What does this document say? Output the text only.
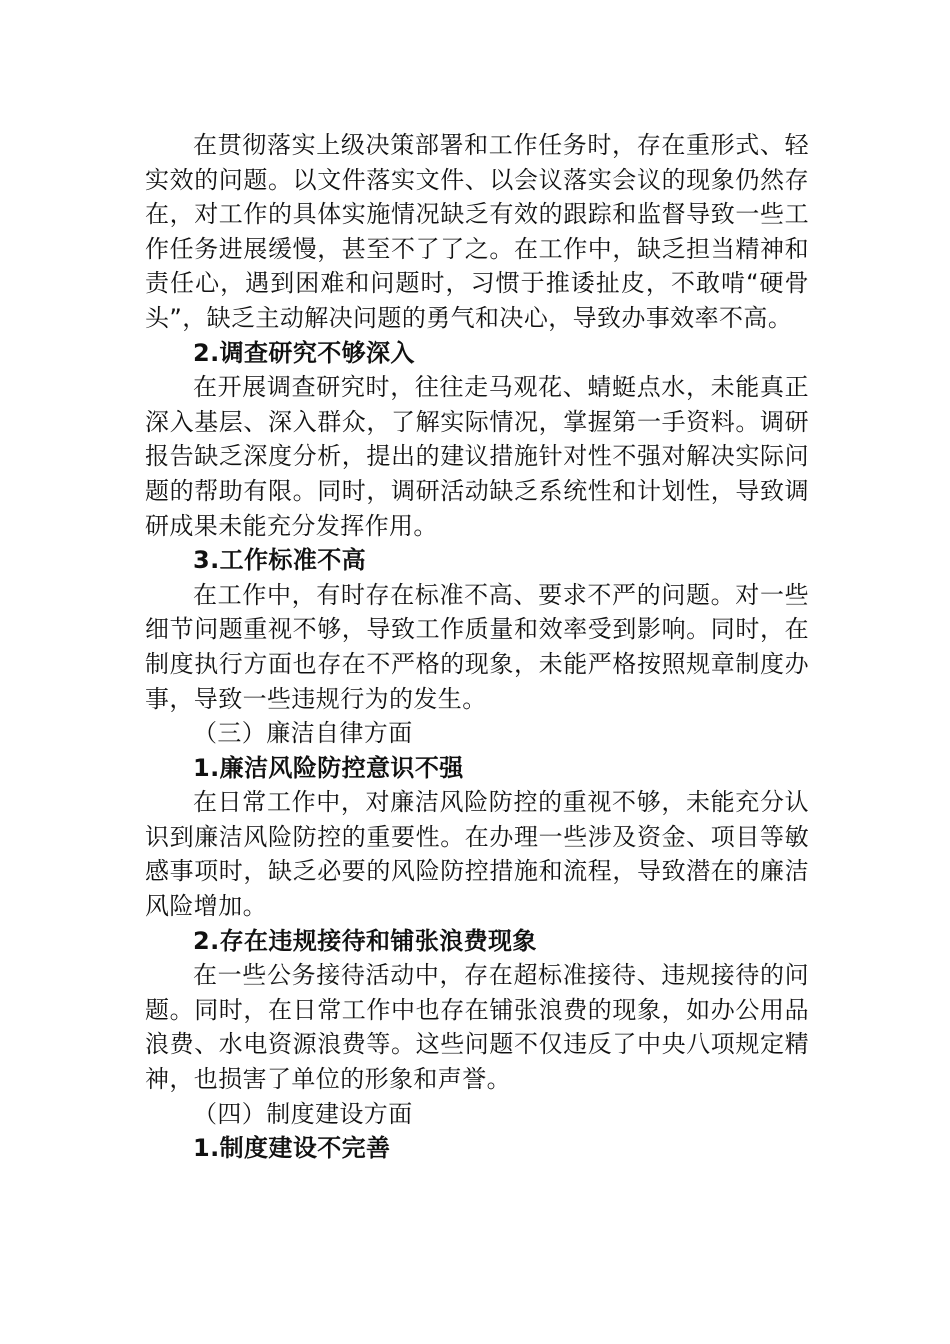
在贯彻落实上级决策部署和工作任务时，存在重形式、轻实效的问题。以文件落实文件、以会议落实会议的现象仍然存在，对工作的具体实施情况缺乏有效的跟踪和监督导致一些工作任务进展缓慢，甚至不了了之。在工作中，缺乏担当精神和责任心，遇到困难和问题时，习惯于推诿扯皮，不敢啃“硬骨头”，缺乏主动解决问题的勇气和决心，导致办事效率不高。

2.调查研究不够深入

在开展调查研究时，往往走马观花、蜻蜓点水，未能真正深入基层、深入群众，了解实际情况，掌握第一手资料。调研报告缺乏深度分析，提出的建议措施针对性不强对解决实际问题的帮助有限。同时，调研活动缺乏系统性和计划性，导致调研成果未能充分发挥作用。

3.工作标准不高

在工作中，有时存在标准不高、要求不严的问题。对一些细节问题重视不够，导致工作质量和效率受到影响。同时，在制度执行方面也存在不严格的现象，未能严格按照规章制度办事，导致一些违规行为的发生。

（三）廉洁自律方面

1.廉洁风险防控意识不强

在日常工作中，对廉洁风险防控的重视不够，未能充分认识到廉洁风险防控的重要性。在办理一些涉及资金、项目等敏感事项时，缺乏必要的风险防控措施和流程，导致潜在的廉洁风险增加。

2.存在违规接待和铺张浪费现象

在一些公务接待活动中，存在超标准接待、违规接待的问题。同时，在日常工作中也存在铺张浪费的现象，如办公用品浪费、水电资源浪费等。这些问题不仅违反了中央八项规定精神，也损害了单位的形象和声誉。

（四）制度建设方面

1.制度建设不完善
